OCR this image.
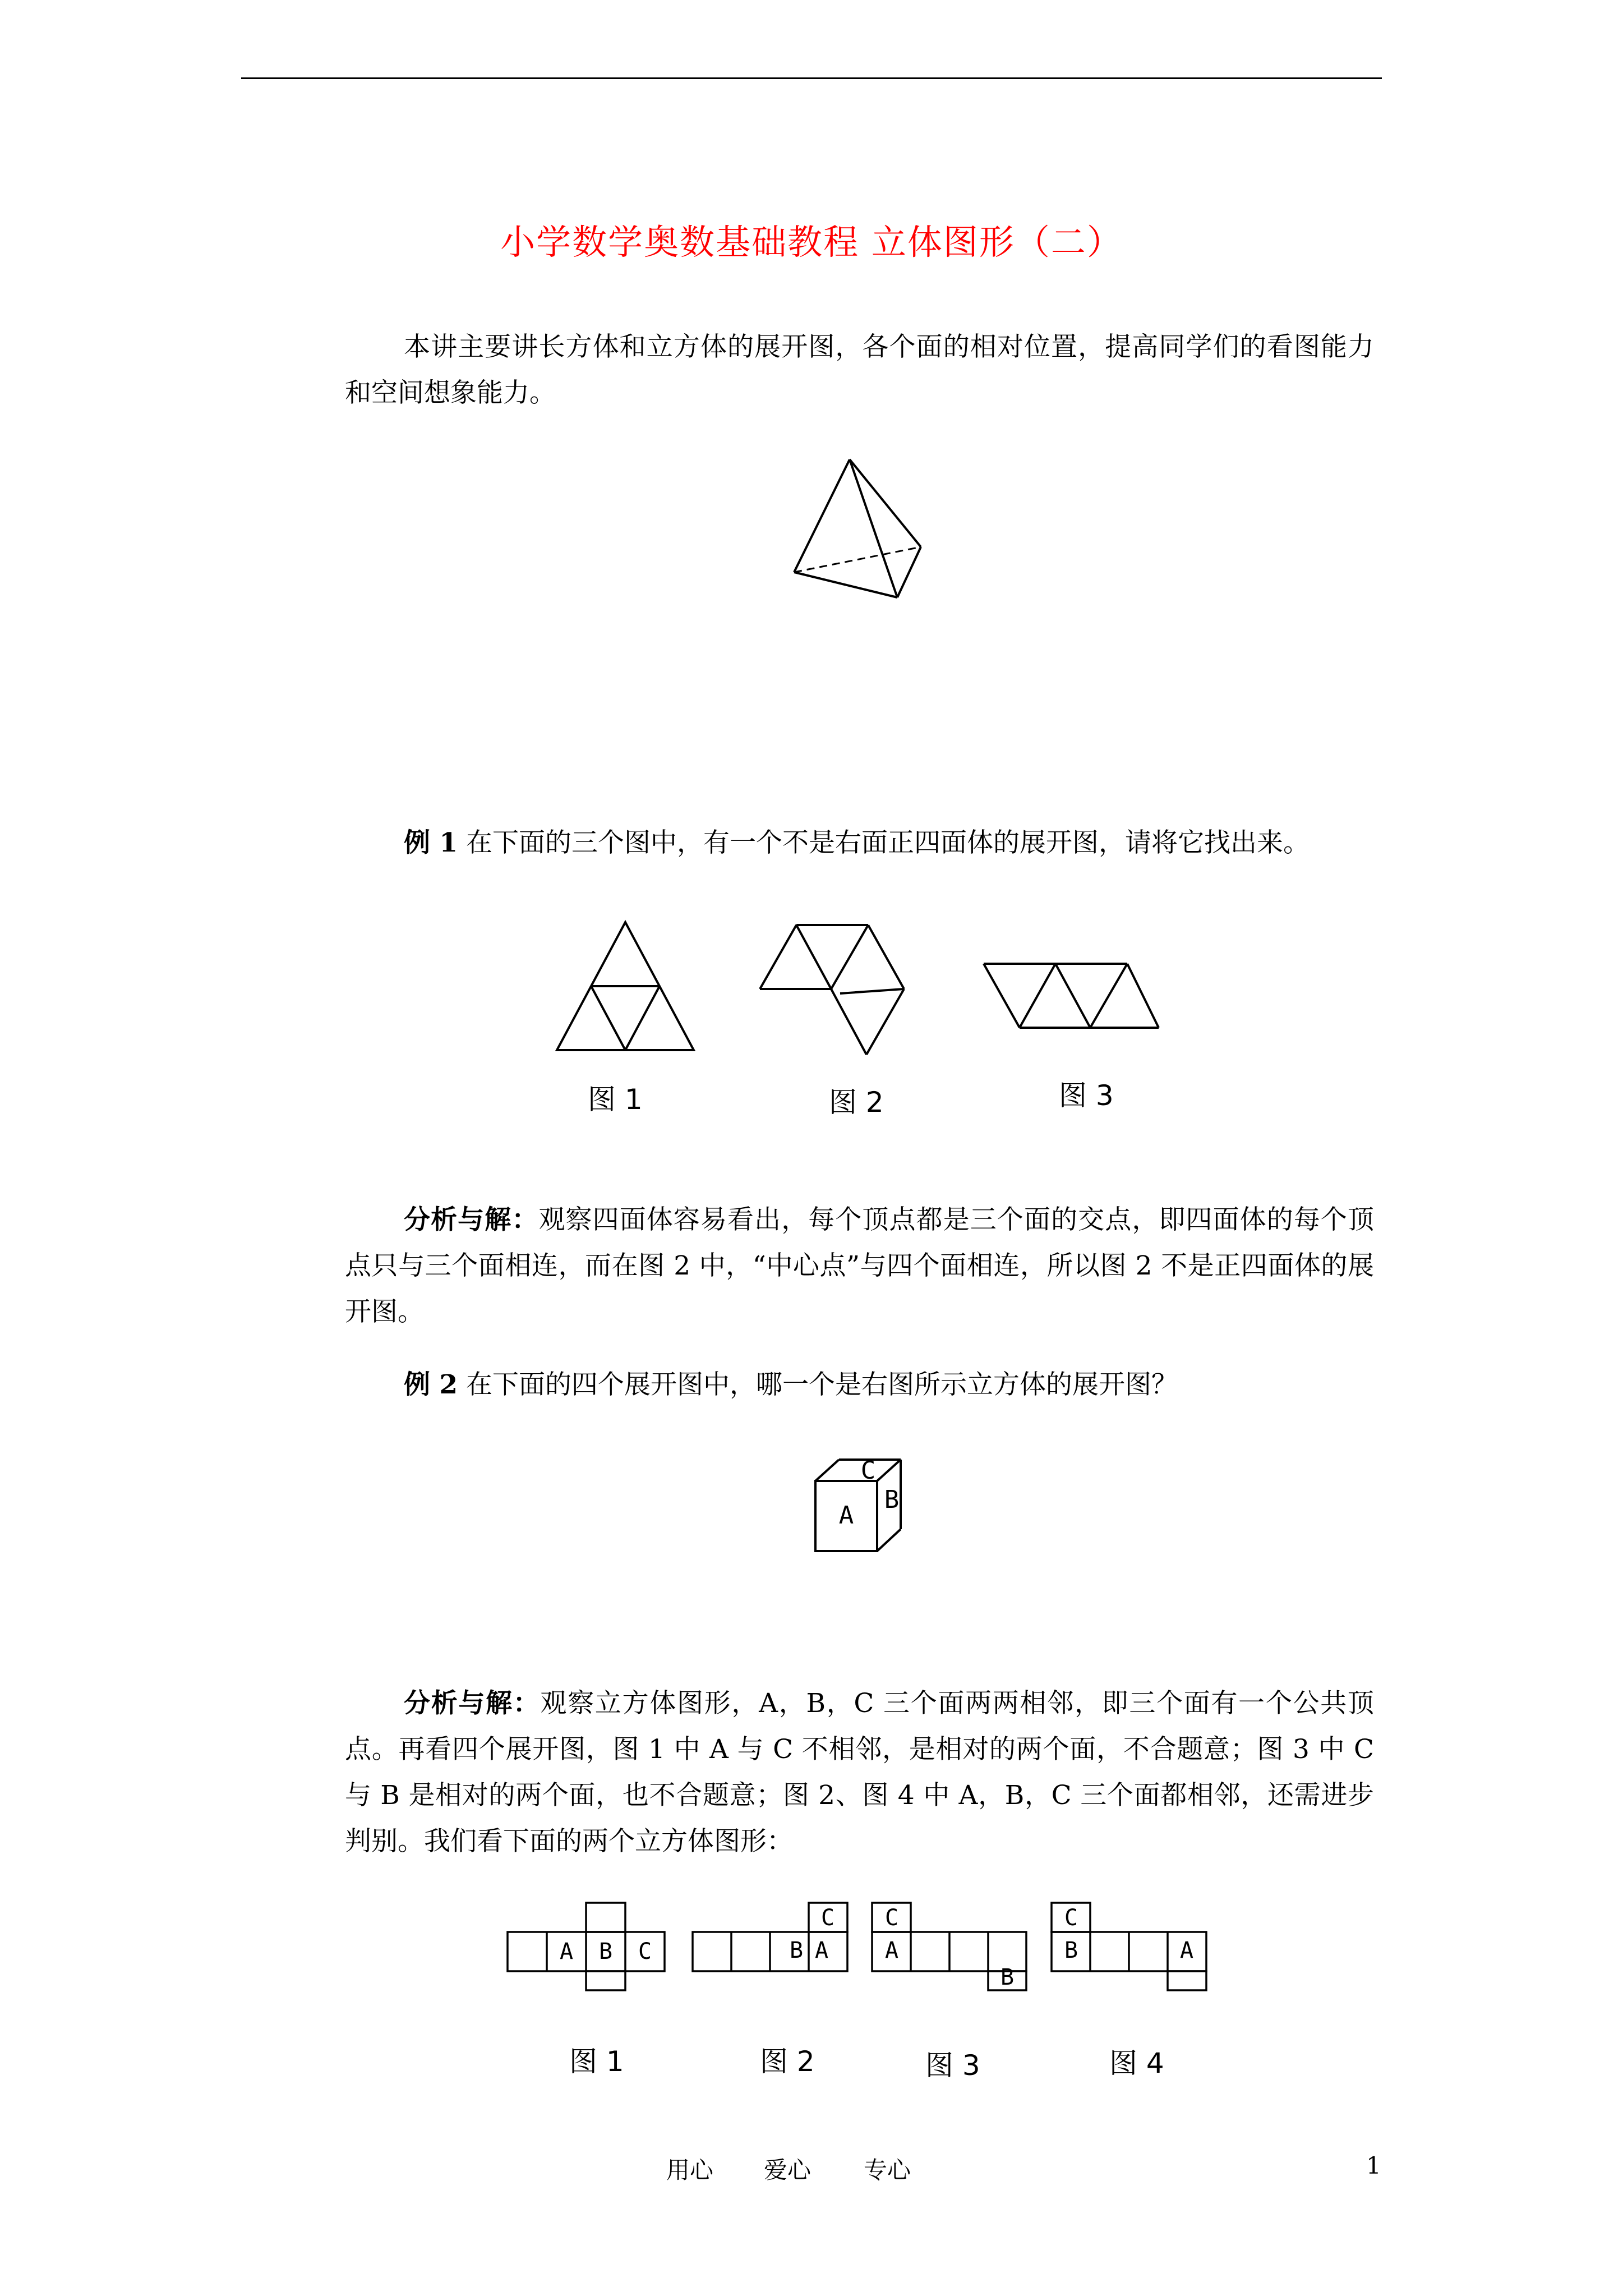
小学数学奥数基础教程 立体图形（二）
本讲主要讲长方体和立方体的展开图，各个面的相对位置，提高同学们的看图能力和空间想象能力。
例 1 在下面的三个图中，有一个不是右面正四面体的展开图，请将它找出来。
图 1	图 2	图 3
分析与解：观察四面体容易看出，每个顶点都是三个面的交点，即四面体的每个顶点只与三个面相连，而在图 2 中，“中心点”与四个面相连，所以图 2 不是正四面体的展开图。
例 2 在下面的四个展开图中，哪一个是右图所示立方体的展开图？
A
B
C
分析与解：观察立方体图形，A，B，C 三个面两两相邻，即三个面有一个公共顶点。再看四个展开图，图 1 中 A 与 C 不相邻，是相对的两个面，不合题意；图 3 中 C 与 B 是相对的两个面，也不合题意；图 2、图 4 中 A，B，C 三个面都相邻，还需进步判别。我们看下面的两个立方体图形：
A B C
C
B A
C
A
B
C
B	A
图 1	图 2	图 3	图 4
用心 爱心 专心	1
